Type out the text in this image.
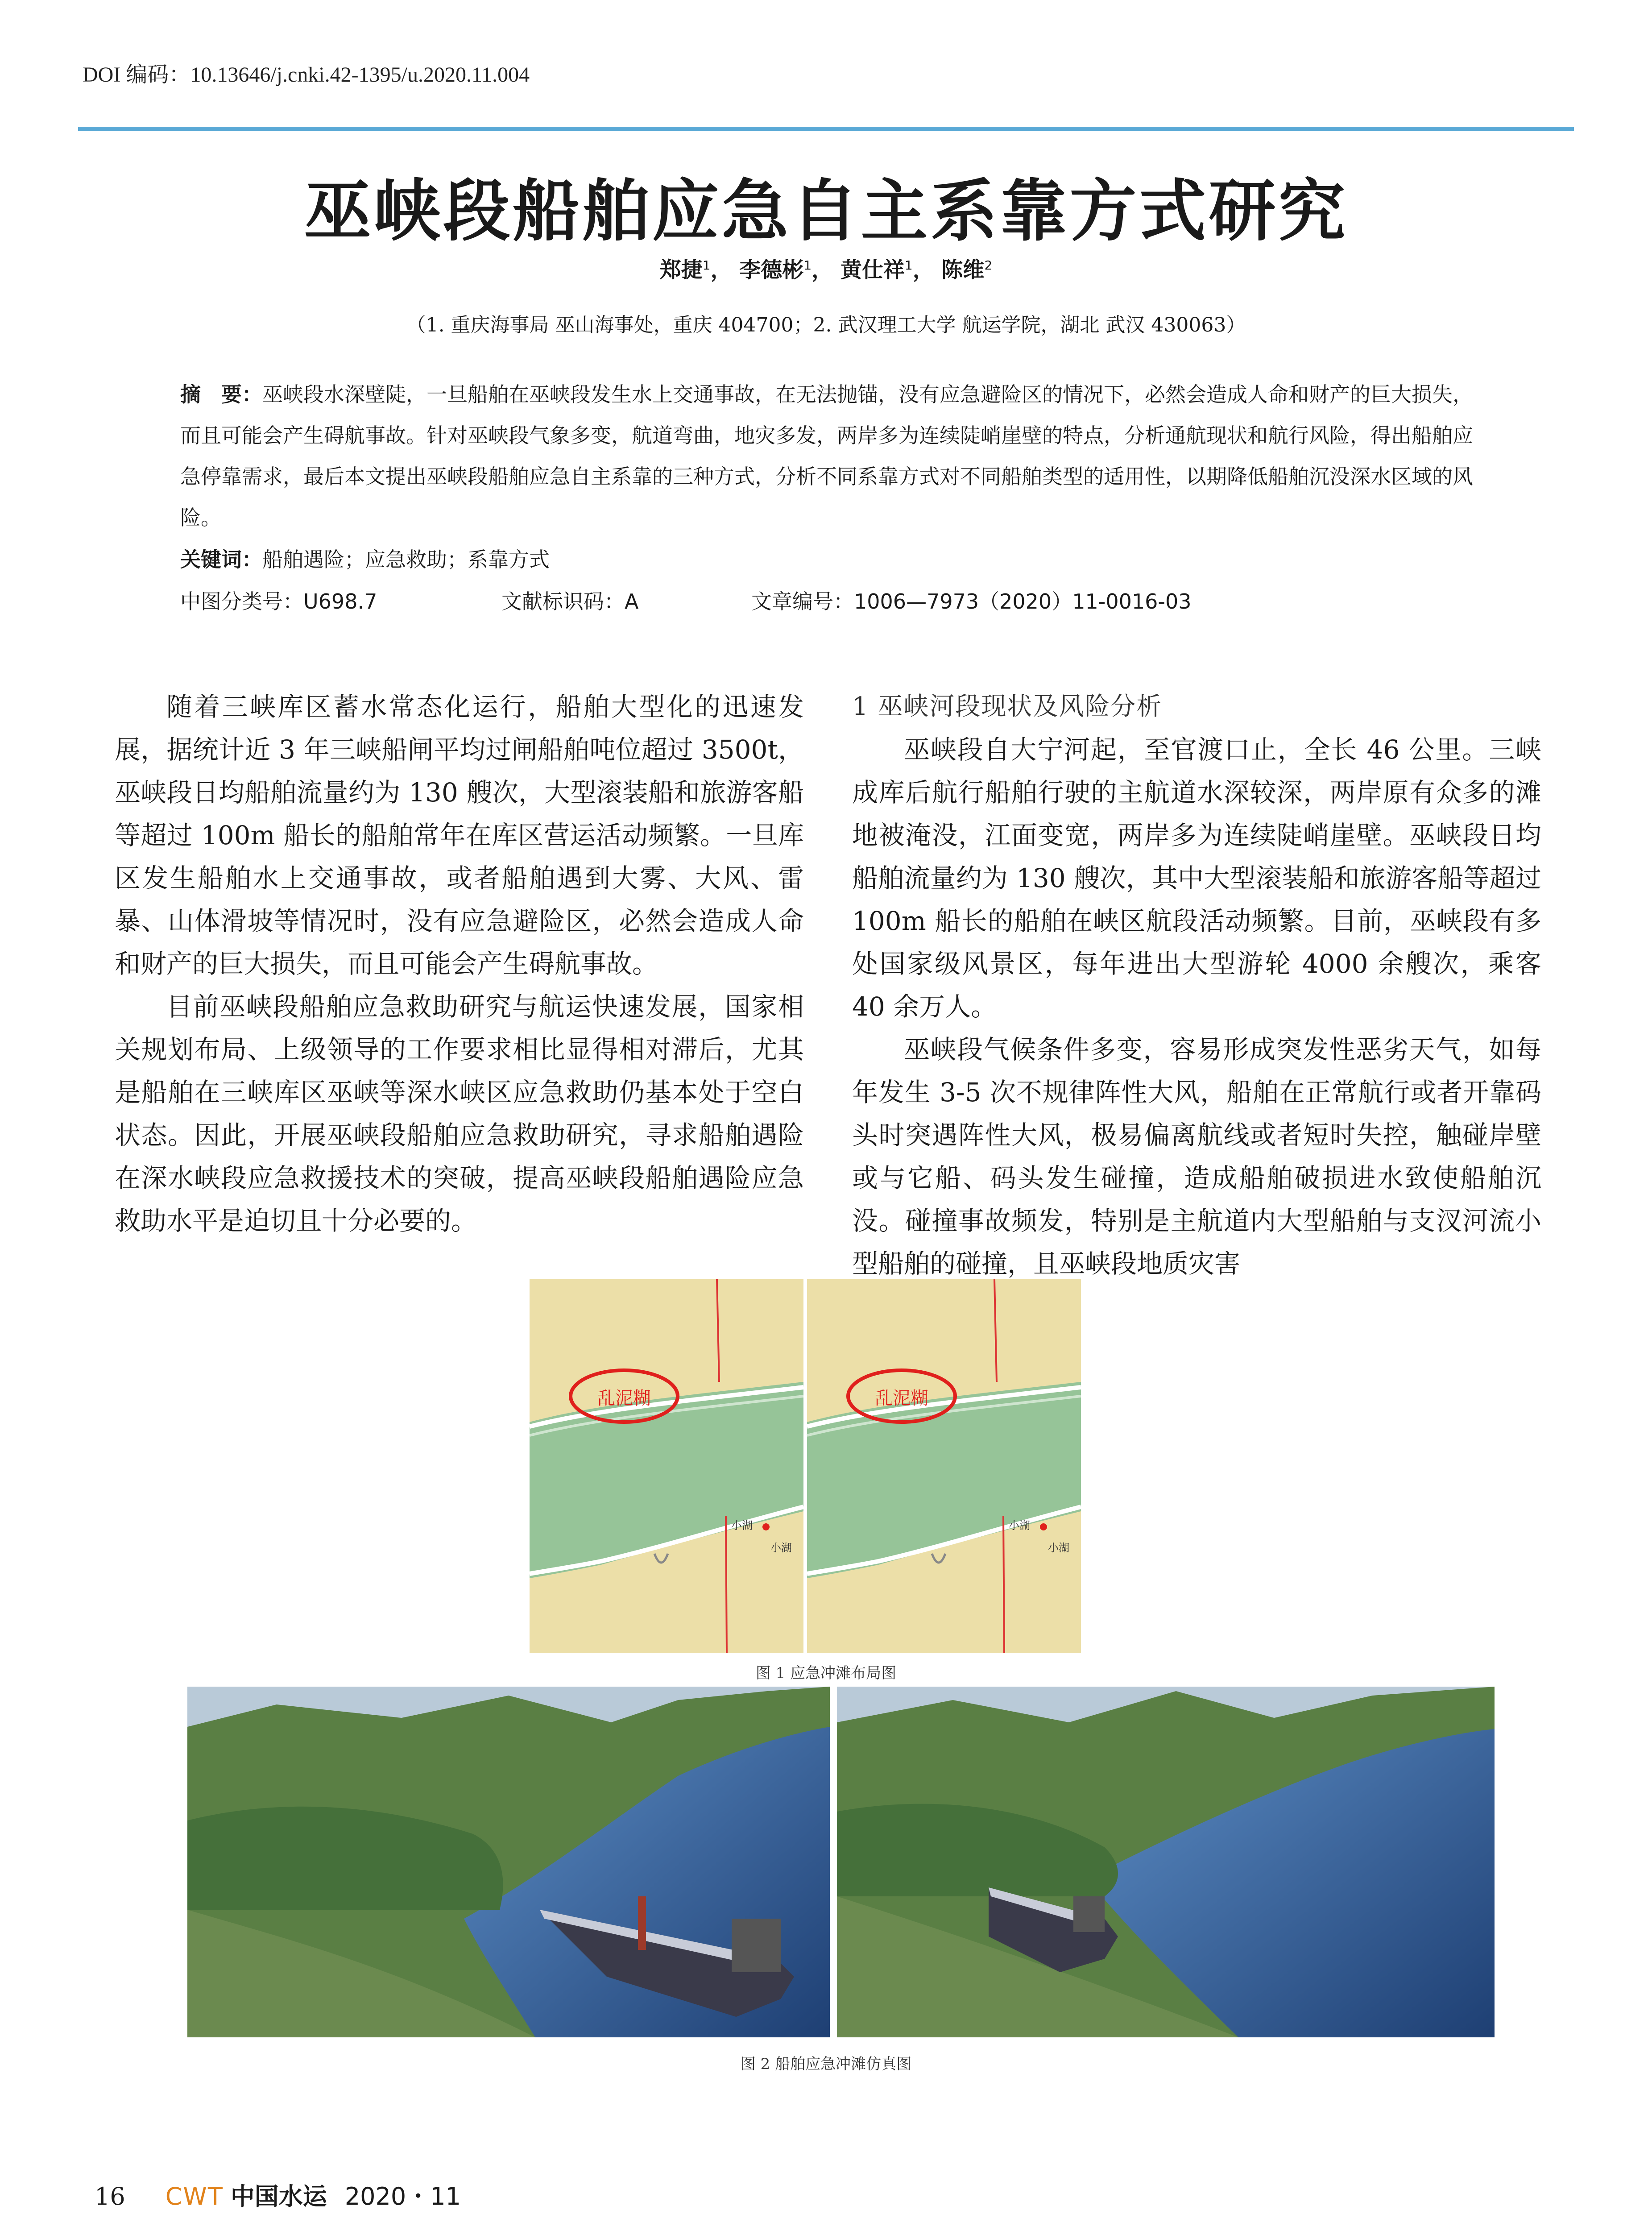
DOI 编码：10.13646/j.cnki.42-1395/u.2020.11.004
巫峡段船舶应急自主系靠方式研究
郑捷$^1$， 李德彬$^1$， 黄仕祥$^1$， 陈维$^2$
（1. 重庆海事局 巫山海事处，重庆 404700；2. 武汉理工大学 航运学院，湖北 武汉 430063）
摘　要：巫峡段水深壁陡，一旦船舶在巫峡段发生水上交通事故，在无法抛锚，没有应急避险区的情况下，必然会造成人命和财产的巨大损失，而且可能会产生碍航事故。针对巫峡段气象多变，航道弯曲，地灾多发，两岸多为连续陡峭崖壁的特点，分析通航现状和航行风险，得出船舶应急停靠需求，最后本文提出巫峡段船舶应急自主系靠的三种方式，分析不同系靠方式对不同船舶类型的适用性，以期降低船舶沉没深水区域的风险。
关键词：船舶遇险；应急救助；系靠方式
中图分类号：U698.7	文献标识码：A	文章编号：1006—7973（2020）11-0016-03

随着三峡库区蓄水常态化运行，船舶大型化的迅速发展，据统计近 3 年三峡船闸平均过闸船舶吨位超过 3500t，巫峡段日均船舶流量约为 130 艘次，大型滚装船和旅游客船等超过 100m 船长的船舶常年在库区营运活动频繁。一旦库区发生船舶水上交通事故，或者船舶遇到大雾、大风、雷暴、山体滑坡等情况时，没有应急避险区，必然会造成人命和财产的巨大损失，而且可能会产生碍航事故。

目前巫峡段船舶应急救助研究与航运快速发展，国家相关规划布局、上级领导的工作要求相比显得相对滞后，尤其是船舶在三峡库区巫峡等深水峡区应急救助仍基本处于空白状态。因此，开展巫峡段船舶应急救助研究，寻求船舶遇险在深水峡段应急救援技术的突破，提高巫峡段船舶遇险应急救助水平是迫切且十分必要的。

1 巫峡河段现状及风险分析

巫峡段自大宁河起，至官渡口止，全长 46 公里。三峡成库后航行船舶行驶的主航道水深较深，两岸原有众多的滩地被淹没，江面变宽，两岸多为连续陡峭崖壁。巫峡段日均船舶流量约为 130 艘次，其中大型滚装船和旅游客船等超过 100m 船长的船舶在峡区航段活动频繁。目前，巫峡段有多处国家级风景区，每年进出大型游轮 4000 余艘次，乘客 40 余万人。

巫峡段气候条件多变，容易形成突发性恶劣天气，如每年发生 3-5 次不规律阵性大风，船舶在正常航行或者开靠码头时突遇阵性大风，极易偏离航线或者短时失控，触碰岸壁或与它船、码头发生碰撞，造成船舶破损进水致使船舶沉没。碰撞事故频发，特别是主航道内大型船舶与支汊河流小型船舶的碰撞，且巫峡段地质灾害

乱泥糊
小湖
小湖
乱泥糊
小湖
小湖
图 1 应急冲滩布局图
图 2 船舶应急冲滩仿真图
16 CWT 中国水运 2020・11
